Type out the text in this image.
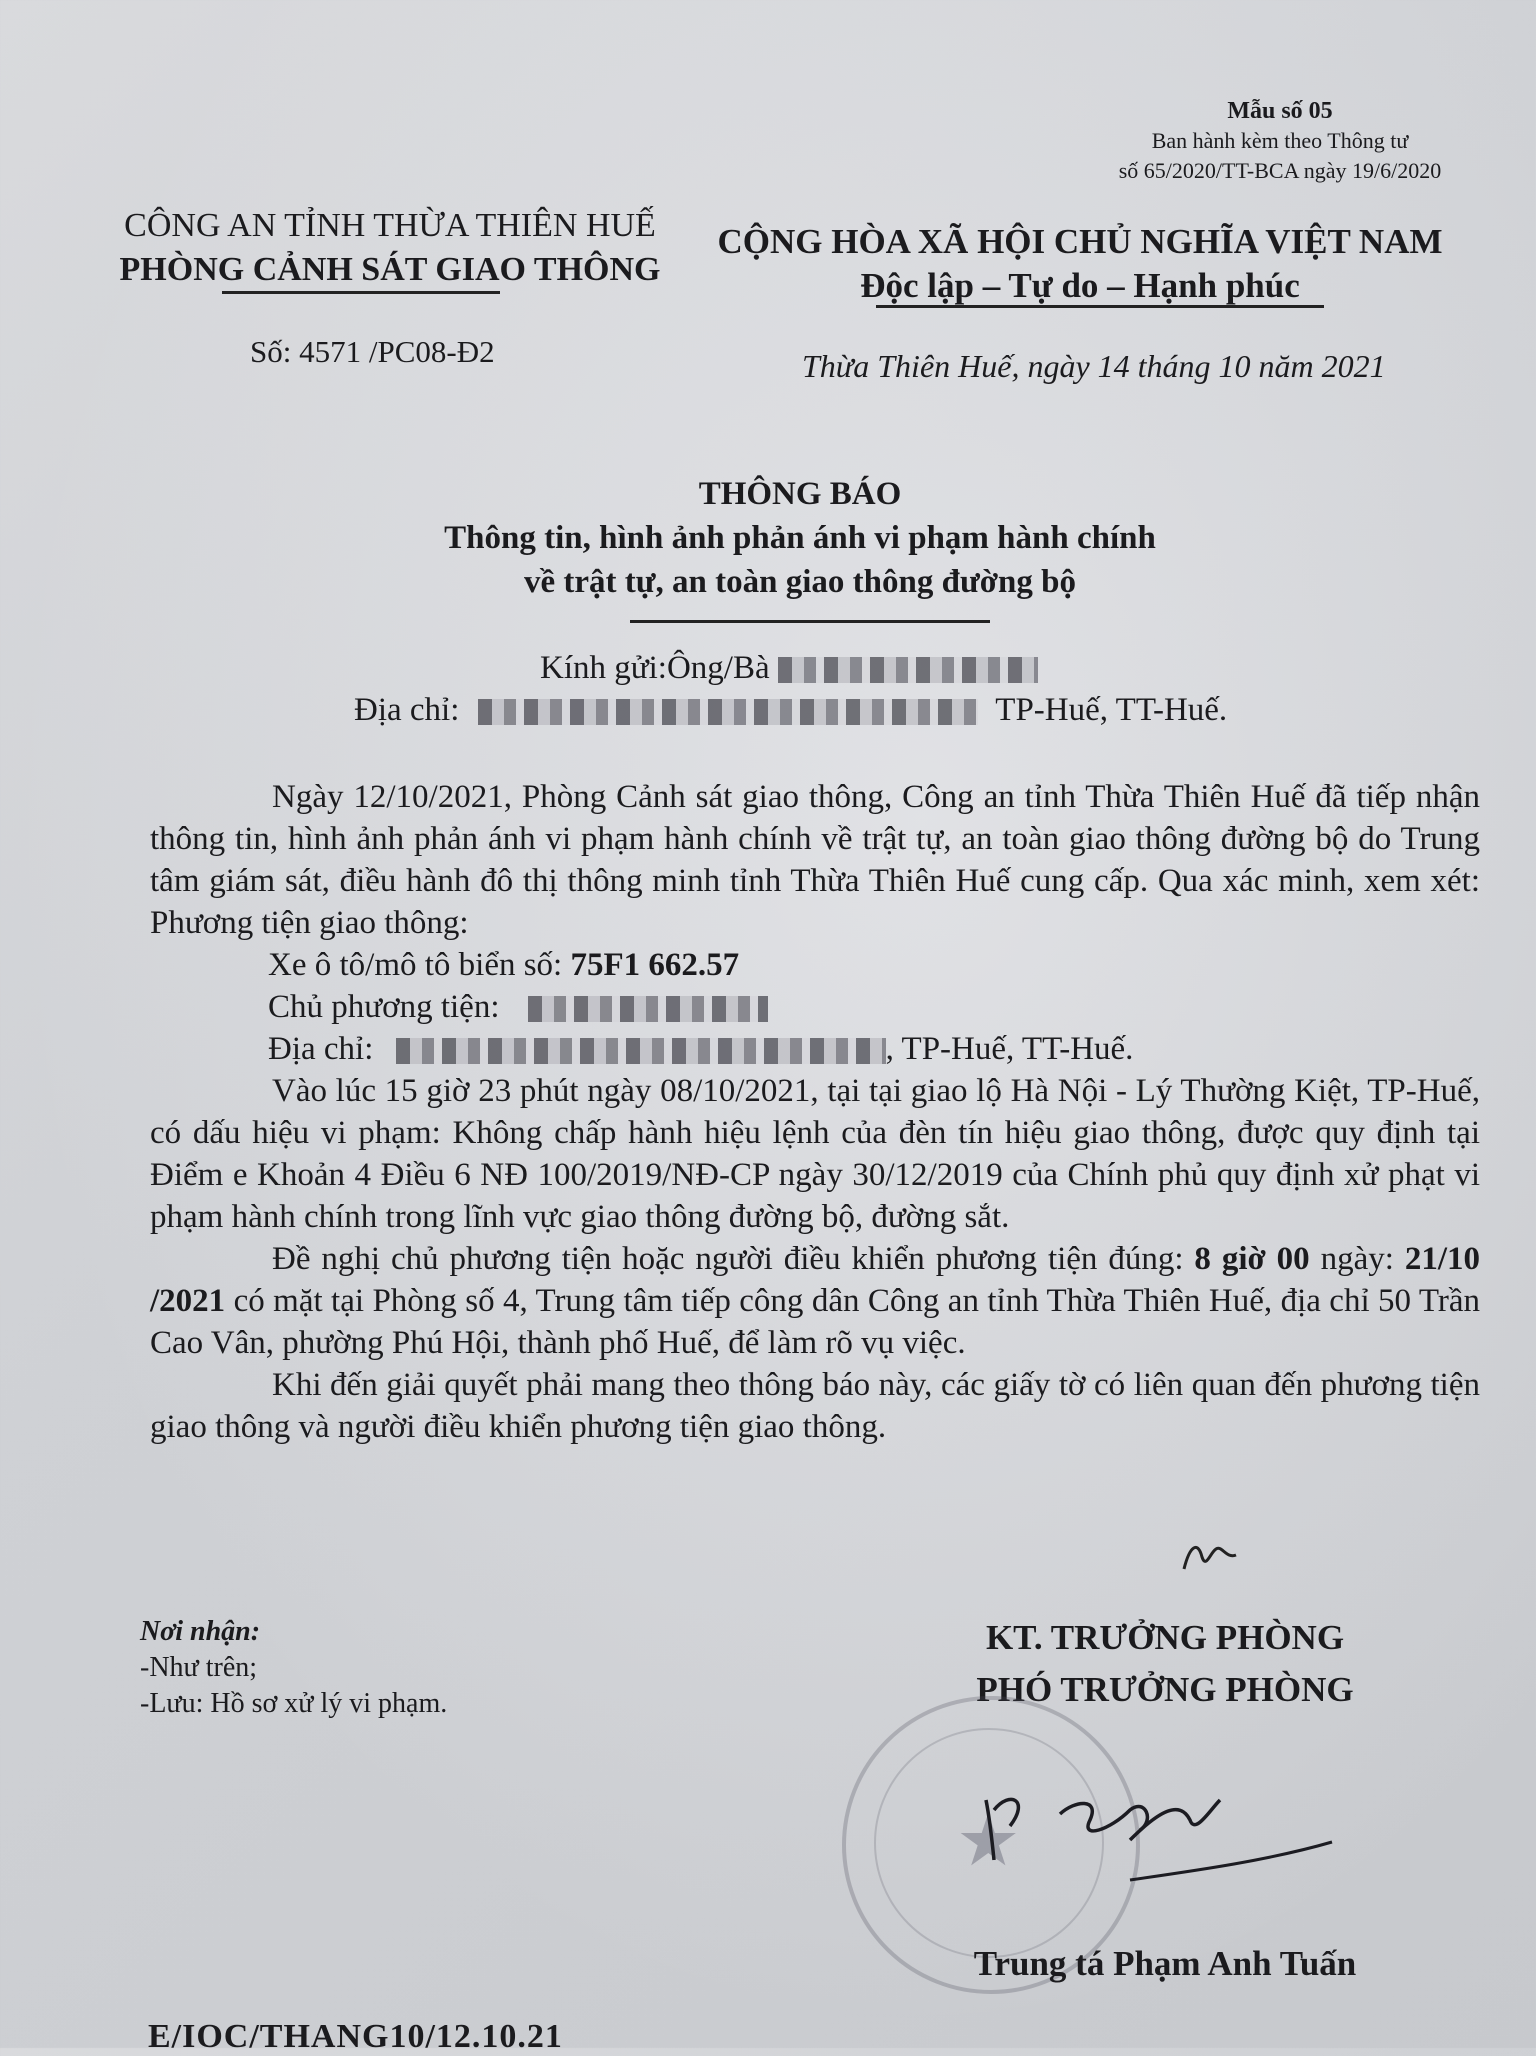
Mẫu số 05
Ban hành kèm theo Thông tư
số 65/2020/TT-BCA ngày 19/6/2020
CÔNG AN TỈNH THỪA THIÊN HUẾ
PHÒNG CẢNH SÁT GIAO THÔNG
CỘNG HÒA XÃ HỘI CHỦ NGHĨA VIỆT NAM
Độc lập – Tự do – Hạnh phúc
Số: 4571 /PC08-Đ2	Thừa Thiên Huế, ngày 14 tháng 10 năm 2021
THÔNG BÁO
Thông tin, hình ảnh phản ánh vi phạm hành chính
về trật tự, an toàn giao thông đường bộ
Kính gửi:Ông/Bà
Địa chỉ:	TP-Huế, TT-Huế.

Ngày 12/10/2021, Phòng Cảnh sát giao thông, Công an tỉnh Thừa Thiên Huế đã tiếp nhận thông tin, hình ảnh phản ánh vi phạm hành chính về trật tự, an toàn giao thông đường bộ do Trung tâm giám sát, điều hành đô thị thông minh tỉnh Thừa Thiên Huế cung cấp. Qua xác minh, xem xét: Phương tiện giao thông:

Xe ô tô/mô tô biển số: 75F1 662.57
Chủ phương tiện:
Địa chỉ:	, TP-Huế, TT-Huế.

Vào lúc 15 giờ 23 phút ngày 08/10/2021, tại tại giao lộ Hà Nội - Lý Thường Kiệt, TP-Huế, có dấu hiệu vi phạm: Không chấp hành hiệu lệnh của đèn tín hiệu giao thông, được quy định tại Điểm e Khoản 4 Điều 6 NĐ 100/2019/NĐ-CP ngày 30/12/2019 của Chính phủ quy định xử phạt vi phạm hành chính trong lĩnh vực giao thông đường bộ, đường sắt.

Đề nghị chủ phương tiện hoặc người điều khiển phương tiện đúng: 8 giờ 00 ngày: 21/10 /2021 có mặt tại Phòng số 4, Trung tâm tiếp công dân Công an tỉnh Thừa Thiên Huế, địa chỉ 50 Trần Cao Vân, phường Phú Hội, thành phố Huế, để làm rõ vụ việc.

Khi đến giải quyết phải mang theo thông báo này, các giấy tờ có liên quan đến phương tiện giao thông và người điều khiển phương tiện giao thông.

Nơi nhận:
-Như trên;
-Lưu: Hồ sơ xử lý vi phạm.
KT. TRƯỞNG PHÒNG
PHÓ TRƯỞNG PHÒNG
★
Trung tá Phạm Anh Tuấn
E/IOC/THANG10/12.10.21
